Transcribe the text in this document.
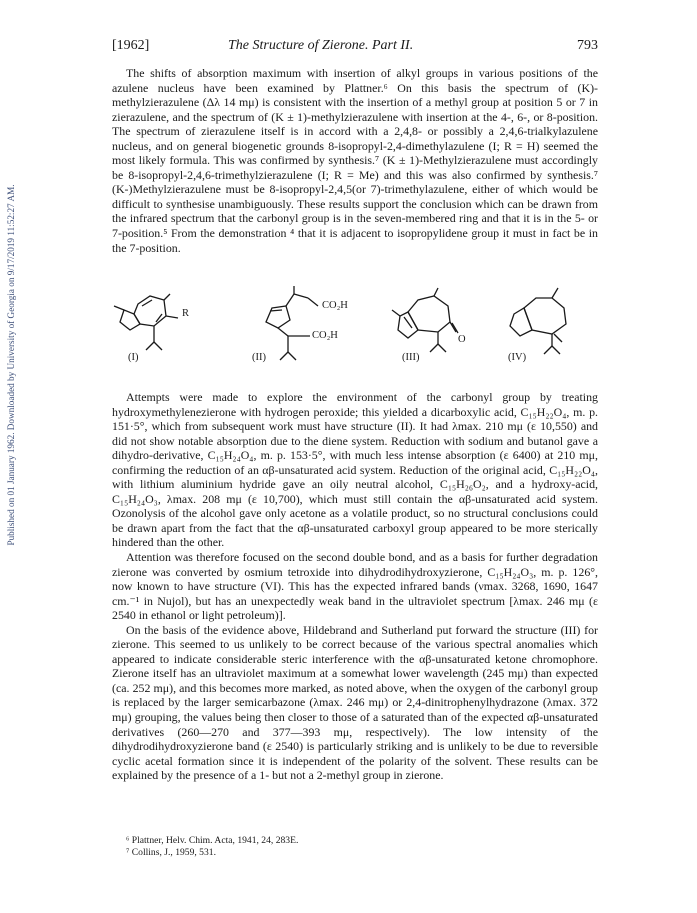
Published on 01 January 1962. Downloaded by University of Georgia on 9/17/2019 11:52:27 AM.
[1962]	The Structure of Zierone. Part II.	793

The shifts of absorption maximum with insertion of alkyl groups in various positions of the azulene nucleus have been examined by Plattner.⁶ On this basis the spectrum of (K)-methylzierazulene (Δλ 14 mμ) is consistent with the insertion of a methyl group at position 5 or 7 in zierazulene, and the spectrum of (K ± 1)-methylzierazulene with insertion at the 4-, 6-, or 8-position. The spectrum of zierazulene itself is in accord with a 2,4,8- or possibly a 2,4,6-trialkylazulene nucleus, and on general biogenetic grounds 8-isopropyl-2,4-dimethylazulene (I; R = H) seemed the most likely formula. This was confirmed by synthesis.⁷ (K ± 1)-Methylzierazulene must accordingly be 8-isopropyl-2,4,6-trimethylzierazulene (I; R = Me) and this was also confirmed by synthesis.⁷ (K-)Methylzierazulene must be 8-isopropyl-2,4,5(or 7)-trimethylazulene, either of which would be difficult to synthesise unambiguously. These results support the conclusion which can be drawn from the infrared spectrum that the carbonyl group is in the seven-membered ring and that it is in the 5- or 7-position.⁵ From the demonstration ⁴ that it is adjacent to isopropylidene group it must in fact be in the 7-position.

R
CO₂H
CO₂H	O
(I)	(II)	(III)	(IV)

Attempts were made to explore the environment of the carbonyl group by treating hydroxymethylenezierone with hydrogen peroxide; this yielded a dicarboxylic acid, C₁₅H₂₂O₄, m. p. 151·5°, which from subsequent work must have structure (II). It had λmax. 210 mμ (ε 10,550) and did not show notable absorption due to the diene system. Reduction with sodium and butanol gave a dihydro-derivative, C₁₅H₂₄O₄, m. p. 153·5°, with much less intense absorption (ε 6400) at 210 mμ, confirming the reduction of an αβ-unsaturated acid system. Reduction of the original acid, C₁₅H₂₂O₄, with lithium aluminium hydride gave an oily neutral alcohol, C₁₅H₂₆O₂, and a hydroxy-acid, C₁₅H₂₄O₃, λmax. 208 mμ (ε 10,700), which must still contain the αβ-unsaturated acid system. Ozonolysis of the alcohol gave only acetone as a volatile product, so no structural conclusions could be drawn apart from the fact that the αβ-unsaturated carboxyl group appeared to be more sterically hindered than the other.

Attention was therefore focused on the second double bond, and as a basis for further degradation zierone was converted by osmium tetroxide into dihydrodihydroxyzierone, C₁₅H₂₄O₃, m. p. 126°, now known to have structure (VI). This has the expected infrared bands (νmax. 3268, 1690, 1647 cm.⁻¹ in Nujol), but has an unexpectedly weak band in the ultraviolet spectrum [λmax. 246 mμ (ε 2540 in ethanol or light petroleum)].

On the basis of the evidence above, Hildebrand and Sutherland put forward the structure (III) for zierone. This seemed to us unlikely to be correct because of the various spectral anomalies which appeared to indicate considerable steric interference with the αβ-unsaturated ketone chromophore. Zierone itself has an ultraviolet maximum at a somewhat lower wavelength (245 mμ) than expected (ca. 252 mμ), and this becomes more marked, as noted above, when the oxygen of the carbonyl group is replaced by the larger semicarbazone (λmax. 246 mμ) or 2,4-dinitrophenylhydrazone (λmax. 372 mμ) grouping, the values being then closer to those of a saturated than of the expected αβ-unsaturated derivatives (260—270 and 377—393 mμ, respectively). The low intensity of the dihydrodihydroxyzierone band (ε 2540) is particularly striking and is unlikely to be due to reversible cyclic acetal formation since it is independent of the polarity of the solvent. These results can be explained by the presence of a 1- but not a 2-methyl group in zierone.

⁶ Plattner, Helv. Chim. Acta, 1941, 24, 283E.
⁷ Collins, J., 1959, 531.
